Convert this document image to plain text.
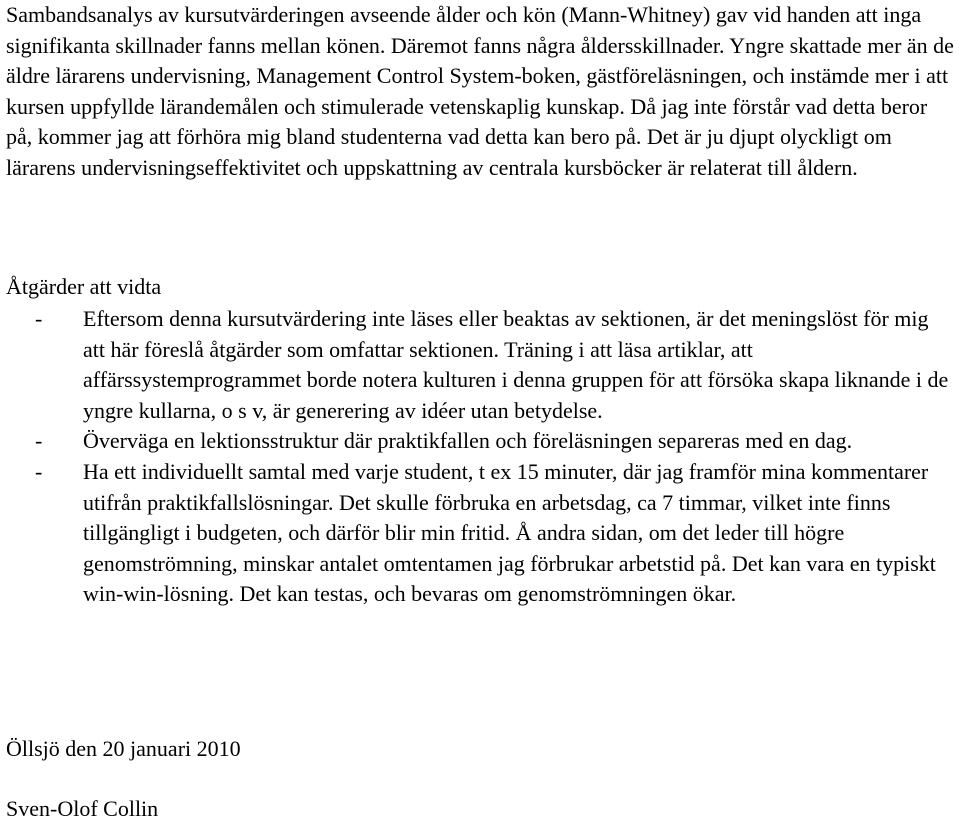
Sambandsanalys av kursutvärderingen avseende ålder och kön (Mann-Whitney) gav vid handen att inga signifikanta skillnader fanns mellan könen. Däremot fanns några åldersskillnader. Yngre skattade mer än de äldre lärarens undervisning, Management Control System-boken, gästföreläsningen, och instämde mer i att kursen uppfyllde lärandemålen och stimulerade vetenskaplig kunskap. Då jag inte förstår vad detta beror på, kommer jag att förhöra mig bland studenterna vad detta kan bero på. Det är ju djupt olyckligt om lärarens undervisningseffektivitet och uppskattning av centrala kursböcker är relaterat till åldern.

Åtgärder att vidta

- Eftersom denna kursutvärdering inte läses eller beaktas av sektionen, är det meningslöst för mig att här föreslå åtgärder som omfattar sektionen. Träning i att läsa artiklar, att affärssystemprogrammet borde notera kulturen i denna gruppen för att försöka skapa liknande i de yngre kullarna, o s v, är generering av idéer utan betydelse.
- Överväga en lektionsstruktur där praktikfallen och föreläsningen separeras med en dag.
- Ha ett individuellt samtal med varje student, t ex 15 minuter, där jag framför mina kommentarer utifrån praktikfallslösningar. Det skulle förbruka en arbetsdag, ca 7 timmar, vilket inte finns tillgängligt i budgeten, och därför blir min fritid. Å andra sidan, om det leder till högre genomströmning, minskar antalet omtentamen jag förbrukar arbetstid på. Det kan vara en typiskt win-win-lösning. Det kan testas, och bevaras om genomströmningen ökar.

Öllsjö den 20 januari 2010

Sven-Olof Collin
